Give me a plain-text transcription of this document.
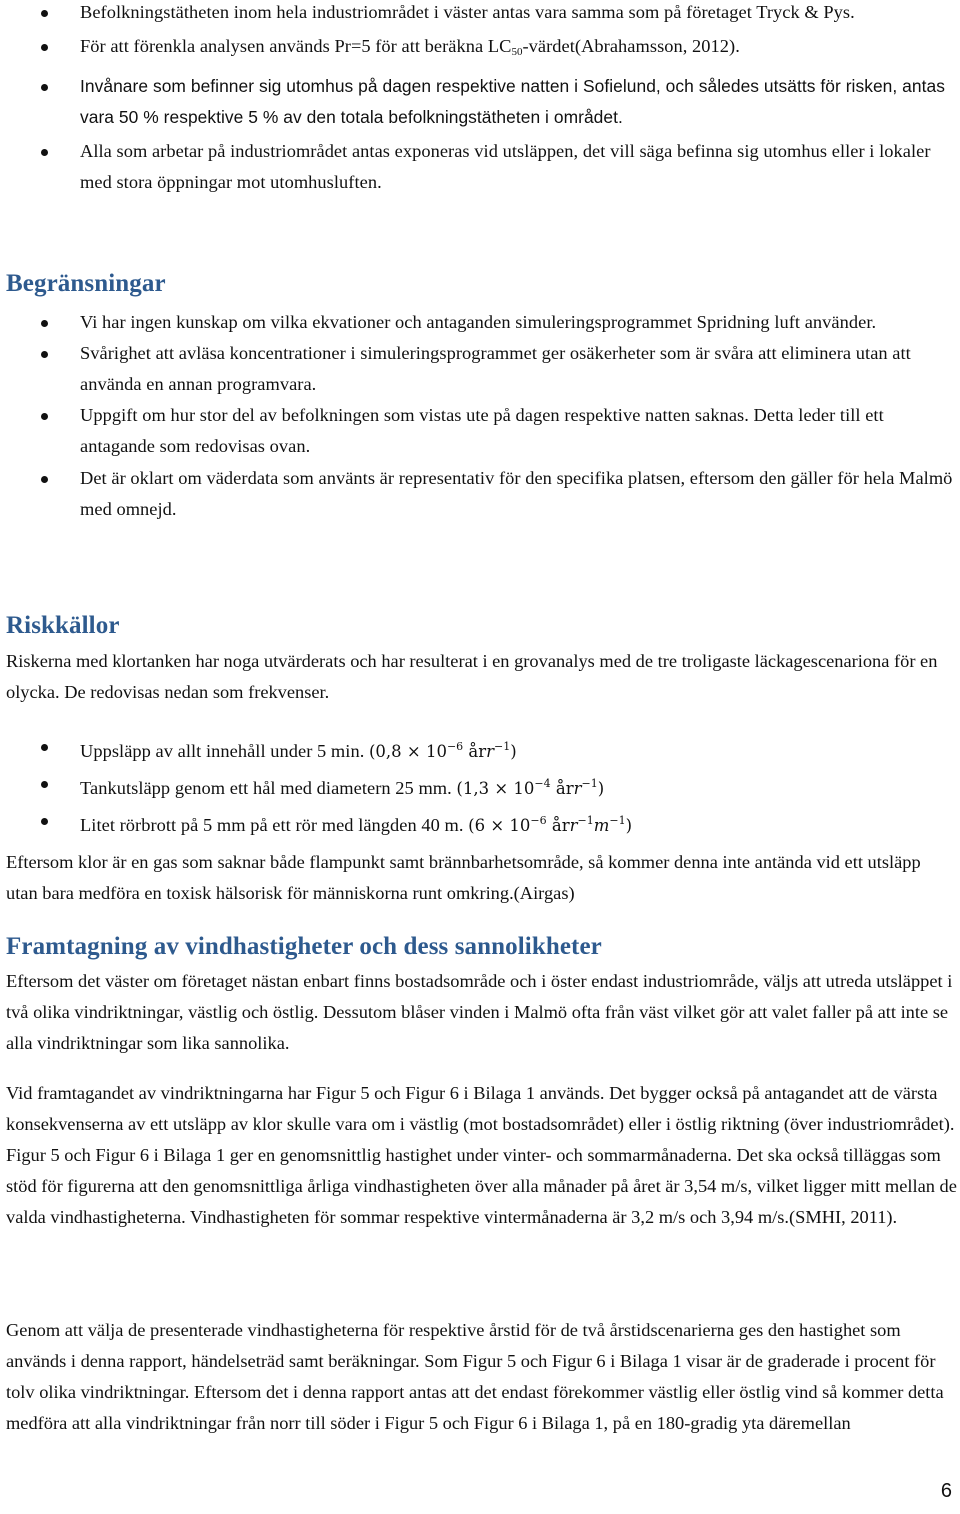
Befolkningstätheten inom hela industriområdet i väster antas vara samma som på företaget Tryck & Pys.
För att förenkla analysen används Pr=5 för att beräkna $LC_{50}-värdet(Abrahamsson$, 2012).
Invånare som befinner sig utomhus på dagen respektive natten i Sofielund, och således utsätts för risken, antas vara 50 % respektive 5 % av den totala befolkningstätheten i området.
Alla som arbetar på industriområdet antas exponeras vid utsläppen, det vill säga befinna sig utomhus eller i lokaler med stora öppningar mot utomhusluften.
Begränsningar
Vi har ingen kunskap om vilka ekvationer och antaganden simuleringsprogrammet Spridning luft använder.
Svårighet att avläsa koncentrationer i simuleringsprogrammet ger osäkerheter som är svåra att eliminera utan att använda en annan programvara.
Uppgift om hur stor del av befolkningen som vistas ute på dagen respektive natten saknas. Detta leder till ett antagande som redovisas ovan.
Det är oklart om väderdata som använts är representativ för den specifika platsen, eftersom den gäller för hela Malmö med omnejd.
Riskkällor

Riskerna med klortanken har noga utvärderats och har resulterat i en grovanalys med de tre troligaste läckagescenariona för en olycka. De redovisas nedan som frekvenser.

Uppsläpp av allt innehåll under 5 min. ($0,8 \times 10^{-6}$ årr$^{-1}$)
Tankutsläpp genom ett hål med diametern 25 mm. ($1,3 \times 10^{-4}$ årr$^{-1}$)
Litet rörbrott på 5 mm på ett rör med längden 40 m. ($6 \times 10^{-6}$ $årr^{-1}m^{-1}$)

Eftersom klor är en gas som saknar både flampunkt samt brännbarhetsområde, så kommer denna inte antända vid ett utsläpp utan bara medföra en toxisk hälsorisk för människorna runt omkring.(Airgas)

Framtagning av vindhastigheter och dess sannolikheter

Eftersom det väster om företaget nästan enbart finns bostadsområde och i öster endast industriområde, väljs att utreda utsläppet i två olika vindriktningar, västlig och östlig. Dessutom blåser vinden i Malmö ofta från väst vilket gör att valet faller på att inte se alla vindriktningar som lika sannolika.

Vid framtagandet av vindriktningarna har Figur 5 och Figur 6 i Bilaga 1 används. Det bygger också på antagandet att de värsta konsekvenserna av ett utsläpp av klor skulle vara om i västlig (mot bostadsområdet) eller i östlig riktning (över industriområdet). Figur 5 och Figur 6 i Bilaga 1 ger en genomsnittlig hastighet under vinter- och sommarmånaderna. Det ska också tilläggas som stöd för figurerna att den genomsnittliga årliga vindhastigheten över alla månader på året är 3,54 m/s, vilket ligger mitt mellan de valda vindhastigheterna. Vindhastigheten för sommar respektive vintermånaderna är 3,2 m/s och 3,94 m/s.(SMHI, 2011).

Genom att välja de presenterade vindhastigheterna för respektive årstid för de två årstidscenarierna ges den hastighet som används i denna rapport, händelseträd samt beräkningar. Som Figur 5 och Figur 6 i Bilaga 1 visar är de graderade i procent för tolv olika vindriktningar. Eftersom det i denna rapport antas att det endast förekommer västlig eller östlig vind så kommer detta medföra att alla vindriktningar från norr till söder i Figur 5 och Figur 6 i Bilaga 1, på en 180-gradig yta däremellan

6
